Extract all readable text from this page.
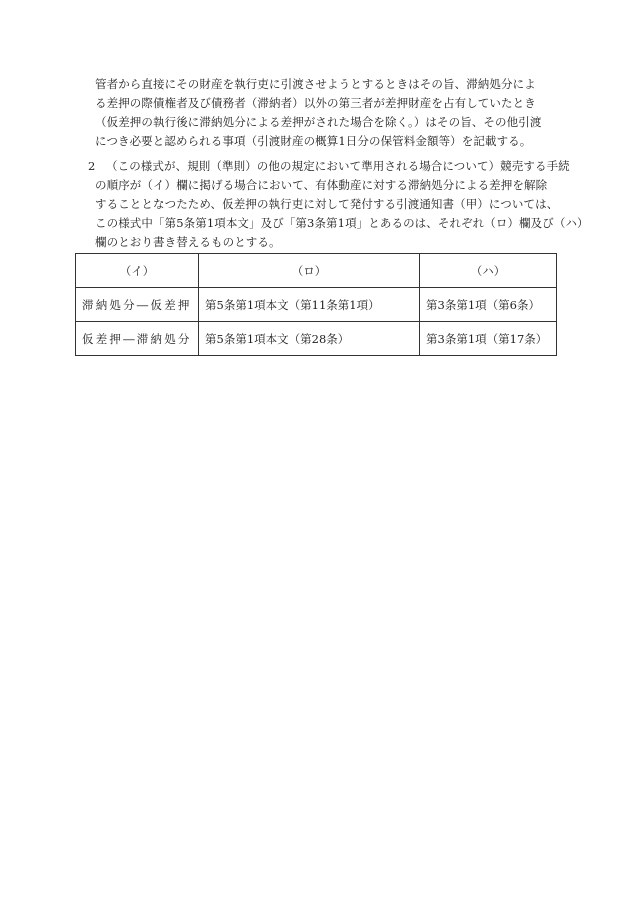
管者から直接にその財産を執行吏に引渡させようとするときはその旨、滞納処分によ
る差押の際債権者及び債務者（滞納者）以外の第三者が差押財産を占有していたとき
（仮差押の執行後に滞納処分による差押がされた場合を除く。）はその旨、その他引渡
につき必要と認められる事項（引渡財産の概算1日分の保管料金額等）を記載する。
2 （この様式が、規則（準則）の他の規定において準用される場合について）競売する手続
の順序が（イ）欄に掲げる場合において、有体動産に対する滞納処分による差押を解除
することとなつたため、仮差押の執行吏に対して発付する引渡通知書（甲）については、
この様式中「第5条第1項本文」及び「第3条第1項」とあるのは、それぞれ（ロ）欄及び（ハ）
欄のとおり書き替えるものとする。
（イ）	（ロ）	（ハ）
滞納処分―仮差押	第5条第1項本文（第11条第1項）	第3条第1項（第6条）
仮差押―滞納処分	第5条第1項本文（第28条）	第3条第1項（第17条）
